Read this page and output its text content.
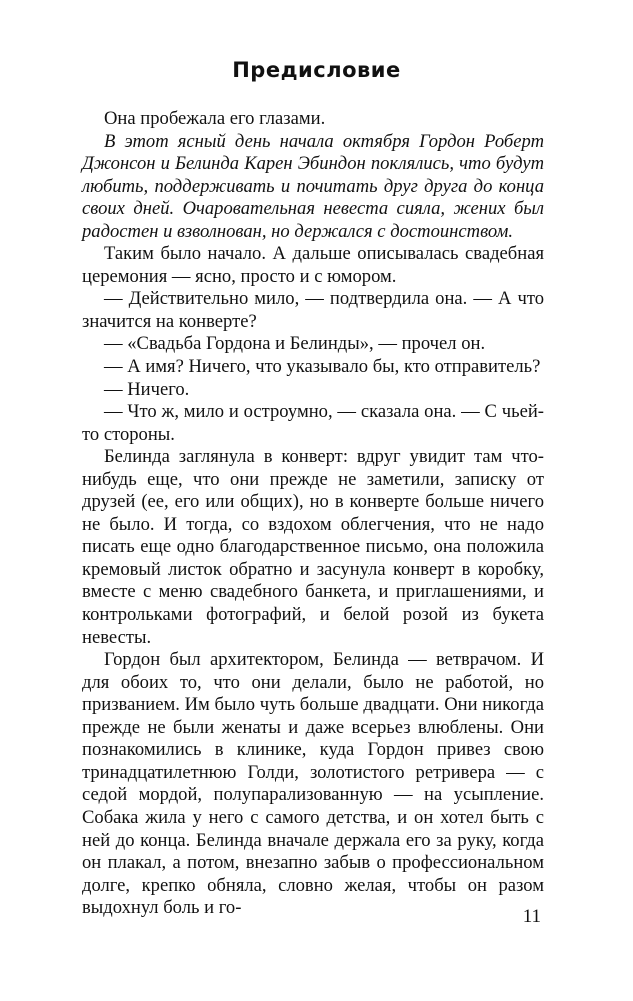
Предисловие

Она пробежала его глазами.

В этот ясный день начала октября Гордон Роберт Джонсон и Белинда Карен Эбиндон поклялись, что будут любить, поддерживать и почитать друг друга до конца своих дней. Очаровательная невеста сияла, жених был радостен и взволнован, но держался с достоинством.

Таким было начало. А дальше описывалась свадебная церемония — ясно, просто и с юмором.

— Действительно мило, — подтвердила она. — А что значится на конверте?

— «Свадьба Гордона и Белинды», — прочел он.

— А имя? Ничего, что указывало бы, кто отправитель?

— Ничего.

— Что ж, мило и остроумно, — сказала она. — С чьей-то стороны.

Белинда заглянула в конверт: вдруг увидит там что-нибудь еще, что они прежде не заметили, записку от друзей (ее, его или общих), но в конверте больше ничего не было. И тогда, со вздохом облегчения, что не надо писать еще одно благодарственное письмо, она положила кремовый листок обратно и засунула конверт в коробку, вместе с меню свадебного банкета, и приглашениями, и контрольками фотографий, и белой розой из букета невесты.

Гордон был архитектором, Белинда — ветврачом. И для обоих то, что они делали, было не работой, но призванием. Им было чуть больше двадцати. Они никогда прежде не были женаты и даже всерьез влюблены. Они познакомились в клинике, куда Гордон привез свою тринадцатилетнюю Голди, золотистого ретривера — с седой мордой, полупарализованную — на усыпление. Собака жила у него с самого детства, и он хотел быть с ней до конца. Белинда вначале держала его за руку, когда он плакал, а потом, внезапно забыв о профессиональном долге, крепко обняла, словно желая, чтобы он разом выдохнул боль и го-	11
